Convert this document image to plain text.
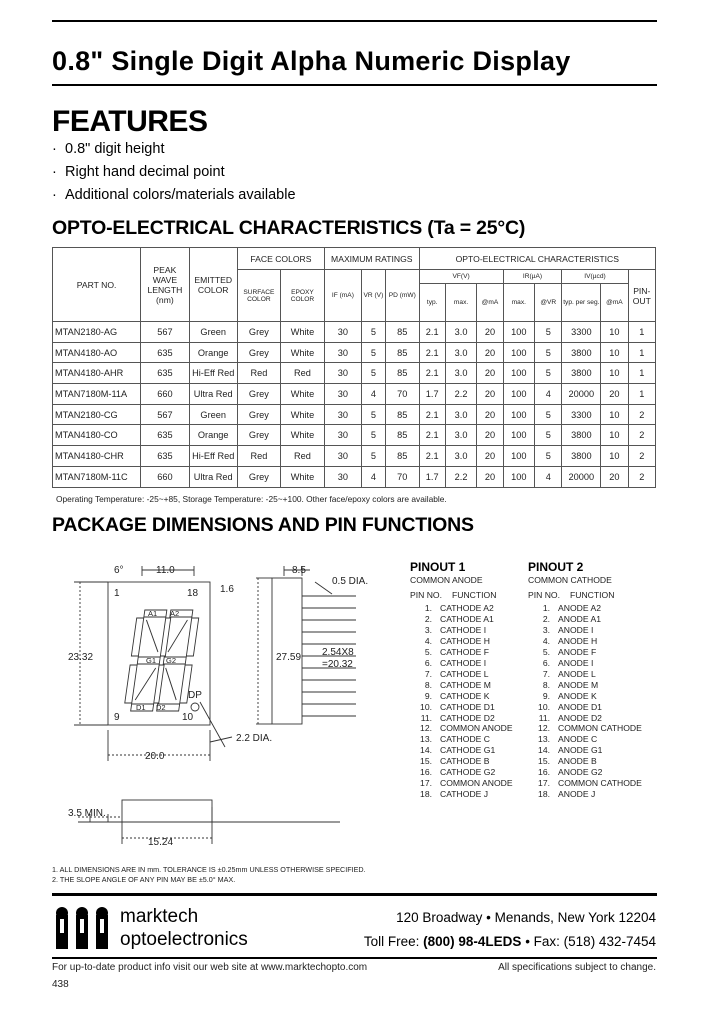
0.8" Single Digit Alpha Numeric Display
FEATURES
· 0.8" digit height
· Right hand decimal point
· Additional colors/materials available
OPTO-ELECTRICAL CHARACTERISTICS (Ta = 25°C)
PART NO.	PEAK WAVE LENGTH (nm)	EMITTED COLOR	FACE COLORS		MAXIMUM RATINGS			OPTO-ELECTRICAL CHARACTERISTICS							
			SURFACE COLOR	EPOXY COLOR	IF (mA)	VR (V)	PD (mW)	VF(V)			IR(µA)		IV(µcd)		PIN-OUT
								typ.	max.	@mA	max.	@VR	typ. per seg.	@mA	
MTAN2180-AG	567	Green	Grey	White	30	5	85	2.1	3.0	20	100	5	3300	10	1
MTAN4180-AO	635	Orange	Grey	White	30	5	85	2.1	3.0	20	100	5	3800	10	1
MTAN4180-AHR	635	Hi-Eff Red	Red	Red	30	5	85	2.1	3.0	20	100	5	3800	10	1
MTAN7180M-11A	660	Ultra Red	Grey	White	30	4	70	1.7	2.2	20	100	4	20000	20	1
MTAN2180-CG	567	Green	Grey	White	30	5	85	2.1	3.0	20	100	5	3300	10	2
MTAN4180-CO	635	Orange	Grey	White	30	5	85	2.1	3.0	20	100	5	3800	10	2
MTAN4180-CHR	635	Hi-Eff Red	Red	Red	30	5	85	2.1	3.0	20	100	5	3800	10	2
MTAN7180M-11C	660	Ultra Red	Grey	White	30	4	70	1.7	2.2	20	100	4	20000	20	2
Operating Temperature: -25~+85, Storage Temperature: -25~+100. Other face/epoxy colors are available.
PACKAGE DIMENSIONS AND PIN FUNCTIONS
6°	11.0	8.5
1.6
0.5 DIA.
23.32	27.59 2.54X8
=20.32
20.0
2.2 DIA.
3.5 MIN.
15.24
1	18
9	10
DP
A1 A2
G1 G2
D1 D2
PINOUT 1
COMMON ANODE
PIN NO. FUNCTION
1. CATHODE A2
2. CATHODE A1
3. CATHODE I
4. CATHODE H
5. CATHODE F
6. CATHODE I
7. CATHODE L
8. CATHODE M
9. CATHODE K
10. CATHODE D1
11. CATHODE D2
12. COMMON ANODE
13. CATHODE C
14. CATHODE G1
15. CATHODE B
16. CATHODE G2
17. COMMON ANODE
18. CATHODE J
PINOUT 2
COMMON CATHODE
PIN NO. FUNCTION
1. ANODE A2
2. ANODE A1
3. ANODE I
4. ANODE H
5. ANODE F
6. ANODE I
7. ANODE L
8. ANODE M
9. ANODE K
10. ANODE D1
11. ANODE D2
12. COMMON CATHODE
13. ANODE C
14. ANODE G1
15. ANODE B
16. ANODE G2
17. COMMON CATHODE
18. ANODE J
1. ALL DIMENSIONS ARE IN mm. TOLERANCE IS ±0.25mm UNLESS OTHERWISE SPECIFIED.
2. THE SLOPE ANGLE OF ANY PIN MAY BE ±5.0° MAX.
marktech
optoelectronics
120 Broadway • Menands, New York 12204
Toll Free: (800) 98-4LEDS • Fax: (518) 432-7454
For up-to-date product info visit our web site at www.marktechopto.com	All specifications subject to change.
438
